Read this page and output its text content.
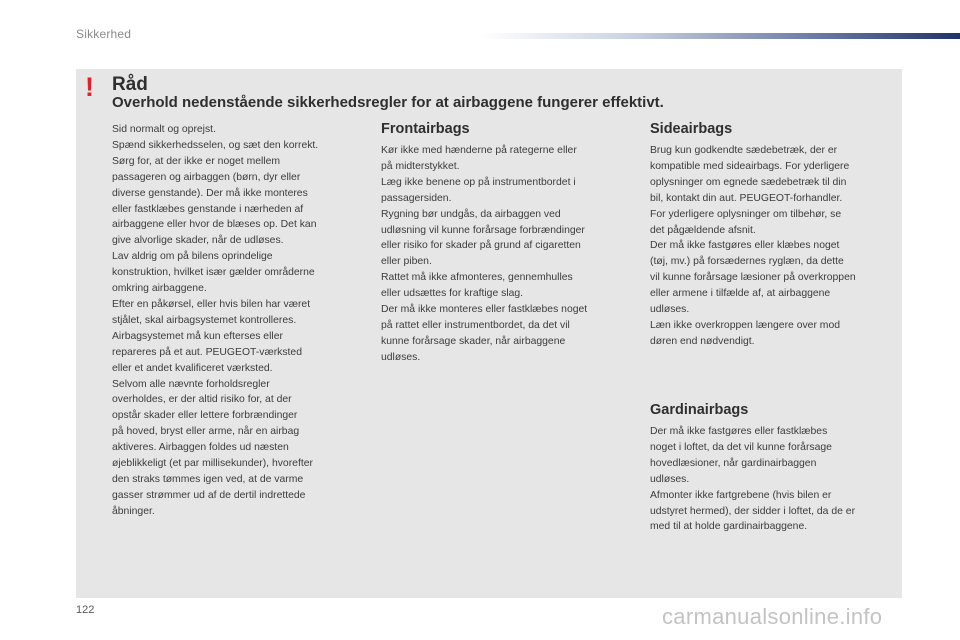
Sikkerhed
! Råd
Overhold nedenstående sikkerhedsregler for at airbaggene fungerer effektivt.

Sid normalt og oprejst.

Spænd sikkerhedsselen, og sæt den korrekt.

Sørg for, at der ikke er noget mellem

passageren og airbaggen (børn, dyr eller

diverse genstande). Der må ikke monteres

eller fastklæbes genstande i nærheden af

airbaggene eller hvor de blæses op. Det kan

give alvorlige skader, når de udløses.

Lav aldrig om på bilens oprindelige

konstruktion, hvilket især gælder områderne

omkring airbaggene.

Efter en påkørsel, eller hvis bilen har været

stjålet, skal airbagsystemet kontrolleres.

Airbagsystemet må kun efterses eller

repareres på et aut. PEUGEOT-værksted

eller et andet kvalificeret værksted.

Selvom alle nævnte forholdsregler

overholdes, er der altid risiko for, at der

opstår skader eller lettere forbrændinger

på hoved, bryst eller arme, når en airbag

aktiveres. Airbaggen foldes ud næsten

øjeblikkeligt (et par millisekunder), hvorefter

den straks tømmes igen ved, at de varme

gasser strømmer ud af de dertil indrettede

åbninger.

Frontairbags

Kør ikke med hænderne på rategerne eller

på midterstykket.

Læg ikke benene op på instrumentbordet i

passagersiden.

Rygning bør undgås, da airbaggen ved

udløsning vil kunne forårsage forbrændinger

eller risiko for skader på grund af cigaretten

eller piben.

Rattet må ikke afmonteres, gennemhulles

eller udsættes for kraftige slag.

Der må ikke monteres eller fastklæbes noget

på rattet eller instrumentbordet, da det vil

kunne forårsage skader, når airbaggene

udløses.

Sideairbags

Brug kun godkendte sædebetræk, der er

kompatible med sideairbags. For yderligere

oplysninger om egnede sædebetræk til din

bil, kontakt din aut. PEUGEOT-forhandler.

For yderligere oplysninger om tilbehør, se

det pågældende afsnit.

Der må ikke fastgøres eller klæbes noget

(tøj, mv.) på forsædernes ryglæn, da dette

vil kunne forårsage læsioner på overkroppen

eller armene i tilfælde af, at airbaggene

udløses.

Læn ikke overkroppen længere over mod

døren end nødvendigt.

Gardinairbags

Der må ikke fastgøres eller fastklæbes

noget i loftet, da det vil kunne forårsage

hovedlæsioner, når gardinairbaggen

udløses.

Afmonter ikke fartgrebene (hvis bilen er

udstyret hermed), der sidder i loftet, da de er

med til at holde gardinairbaggene.

122	carmanualsonline.info
